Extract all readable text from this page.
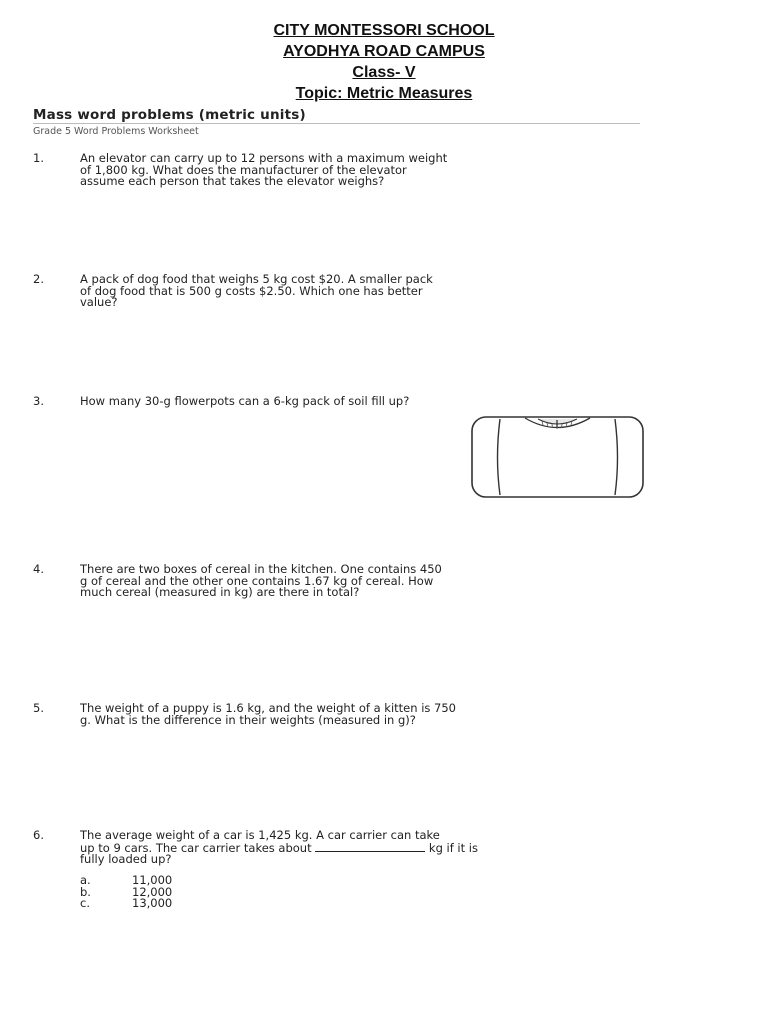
CITY MONTESSORI SCHOOL
AYODHYA ROAD CAMPUS
Class- V
Topic: Metric Measures
Mass word problems (metric units)
Grade 5 Word Problems Worksheet
1.	An elevator can carry up to 12 persons with a maximum weight
of 1,800 kg. What does the manufacturer of the elevator
assume each person that takes the elevator weighs?
2.	A pack of dog food that weighs 5 kg cost $20. A smaller pack
of dog food that is 500 g costs $2.50. Which one has better
value?
3.	How many 30-g flowerpots can a 6-kg pack of soil fill up?
4.	There are two boxes of cereal in the kitchen. One contains 450
g of cereal and the other one contains 1.67 kg of cereal. How
much cereal (measured in kg) are there in total?
5.	The weight of a puppy is 1.6 kg, and the weight of a kitten is 750
g. What is the difference in their weights (measured in g)?
6.	The average weight of a car is 1,425 kg. A car carrier can take
up to 9 cars. The car carrier takes about	kg if it is
fully loaded up?
a.	11,000
b.	12,000
c.	13,000
